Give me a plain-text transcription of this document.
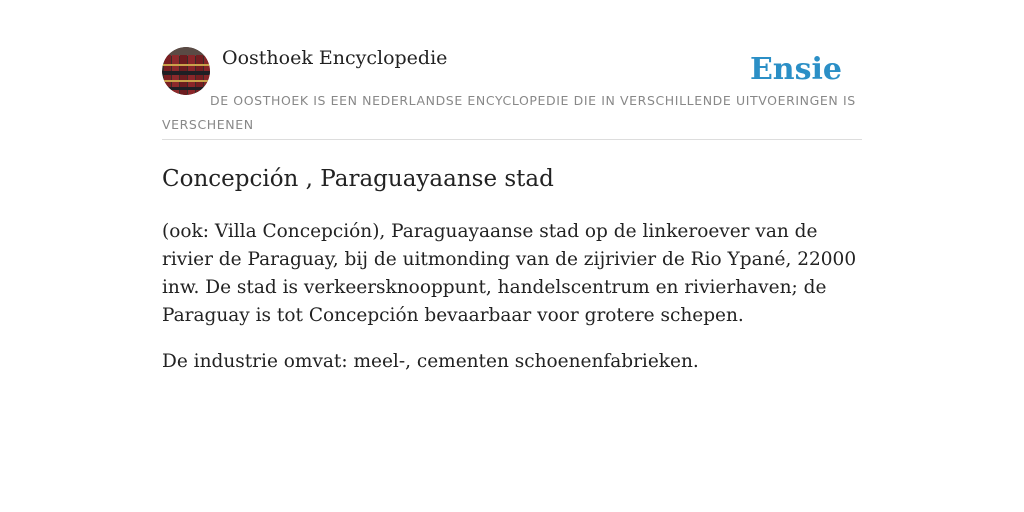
Oosthoek Encyclopedie	Ensie
DE OOSTHOEK IS EEN NEDERLANDSE ENCYCLOPEDIE DIE IN VERSCHILLENDE UITVOERINGEN IS VERSCHENEN
Concepción , Paraguayaanse stad

(ook: Villa Concepción), Paraguayaanse stad op de linkeroever van de rivier de Paraguay, bij de uitmonding van de zijrivier de Rio Ypané, 22000 inw. De stad is verkeersknooppunt, handelscentrum en rivierhaven; de Paraguay is tot Concepción bevaarbaar voor grotere schepen.

De industrie omvat: meel-, cementen schoenenfabrieken.
